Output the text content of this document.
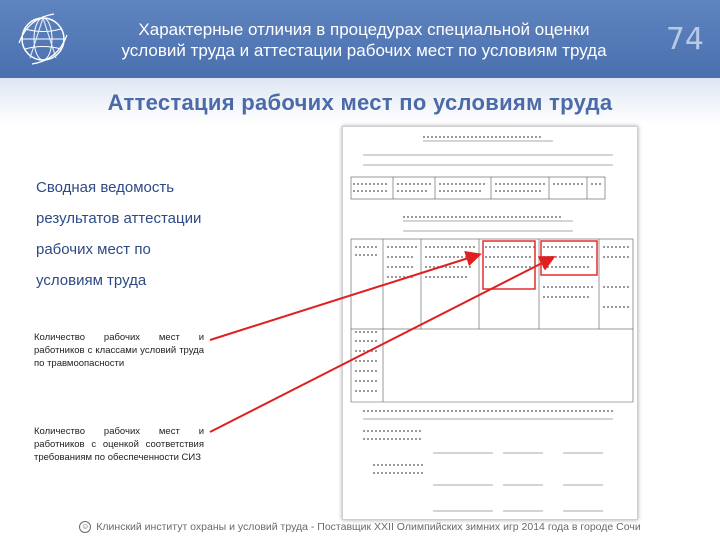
Характерные отличия в процедурах специальной оценки
условий труда и аттестации рабочих мест по условиям труда 74
Аттестация рабочих мест по условиям труда
Сводная ведомость
результатов аттестации
рабочих мест по
условиям труда
Количество рабочих мест и работников с классами условий труда по травмоопасности
Количество рабочих мест и работников с оценкой соответствия требованиям по обеспеченности СИЗ
☺ Клинский институт охраны и условий труда - Поставщик XXII Олимпийских зимних игр 2014 года в городе Сочи
